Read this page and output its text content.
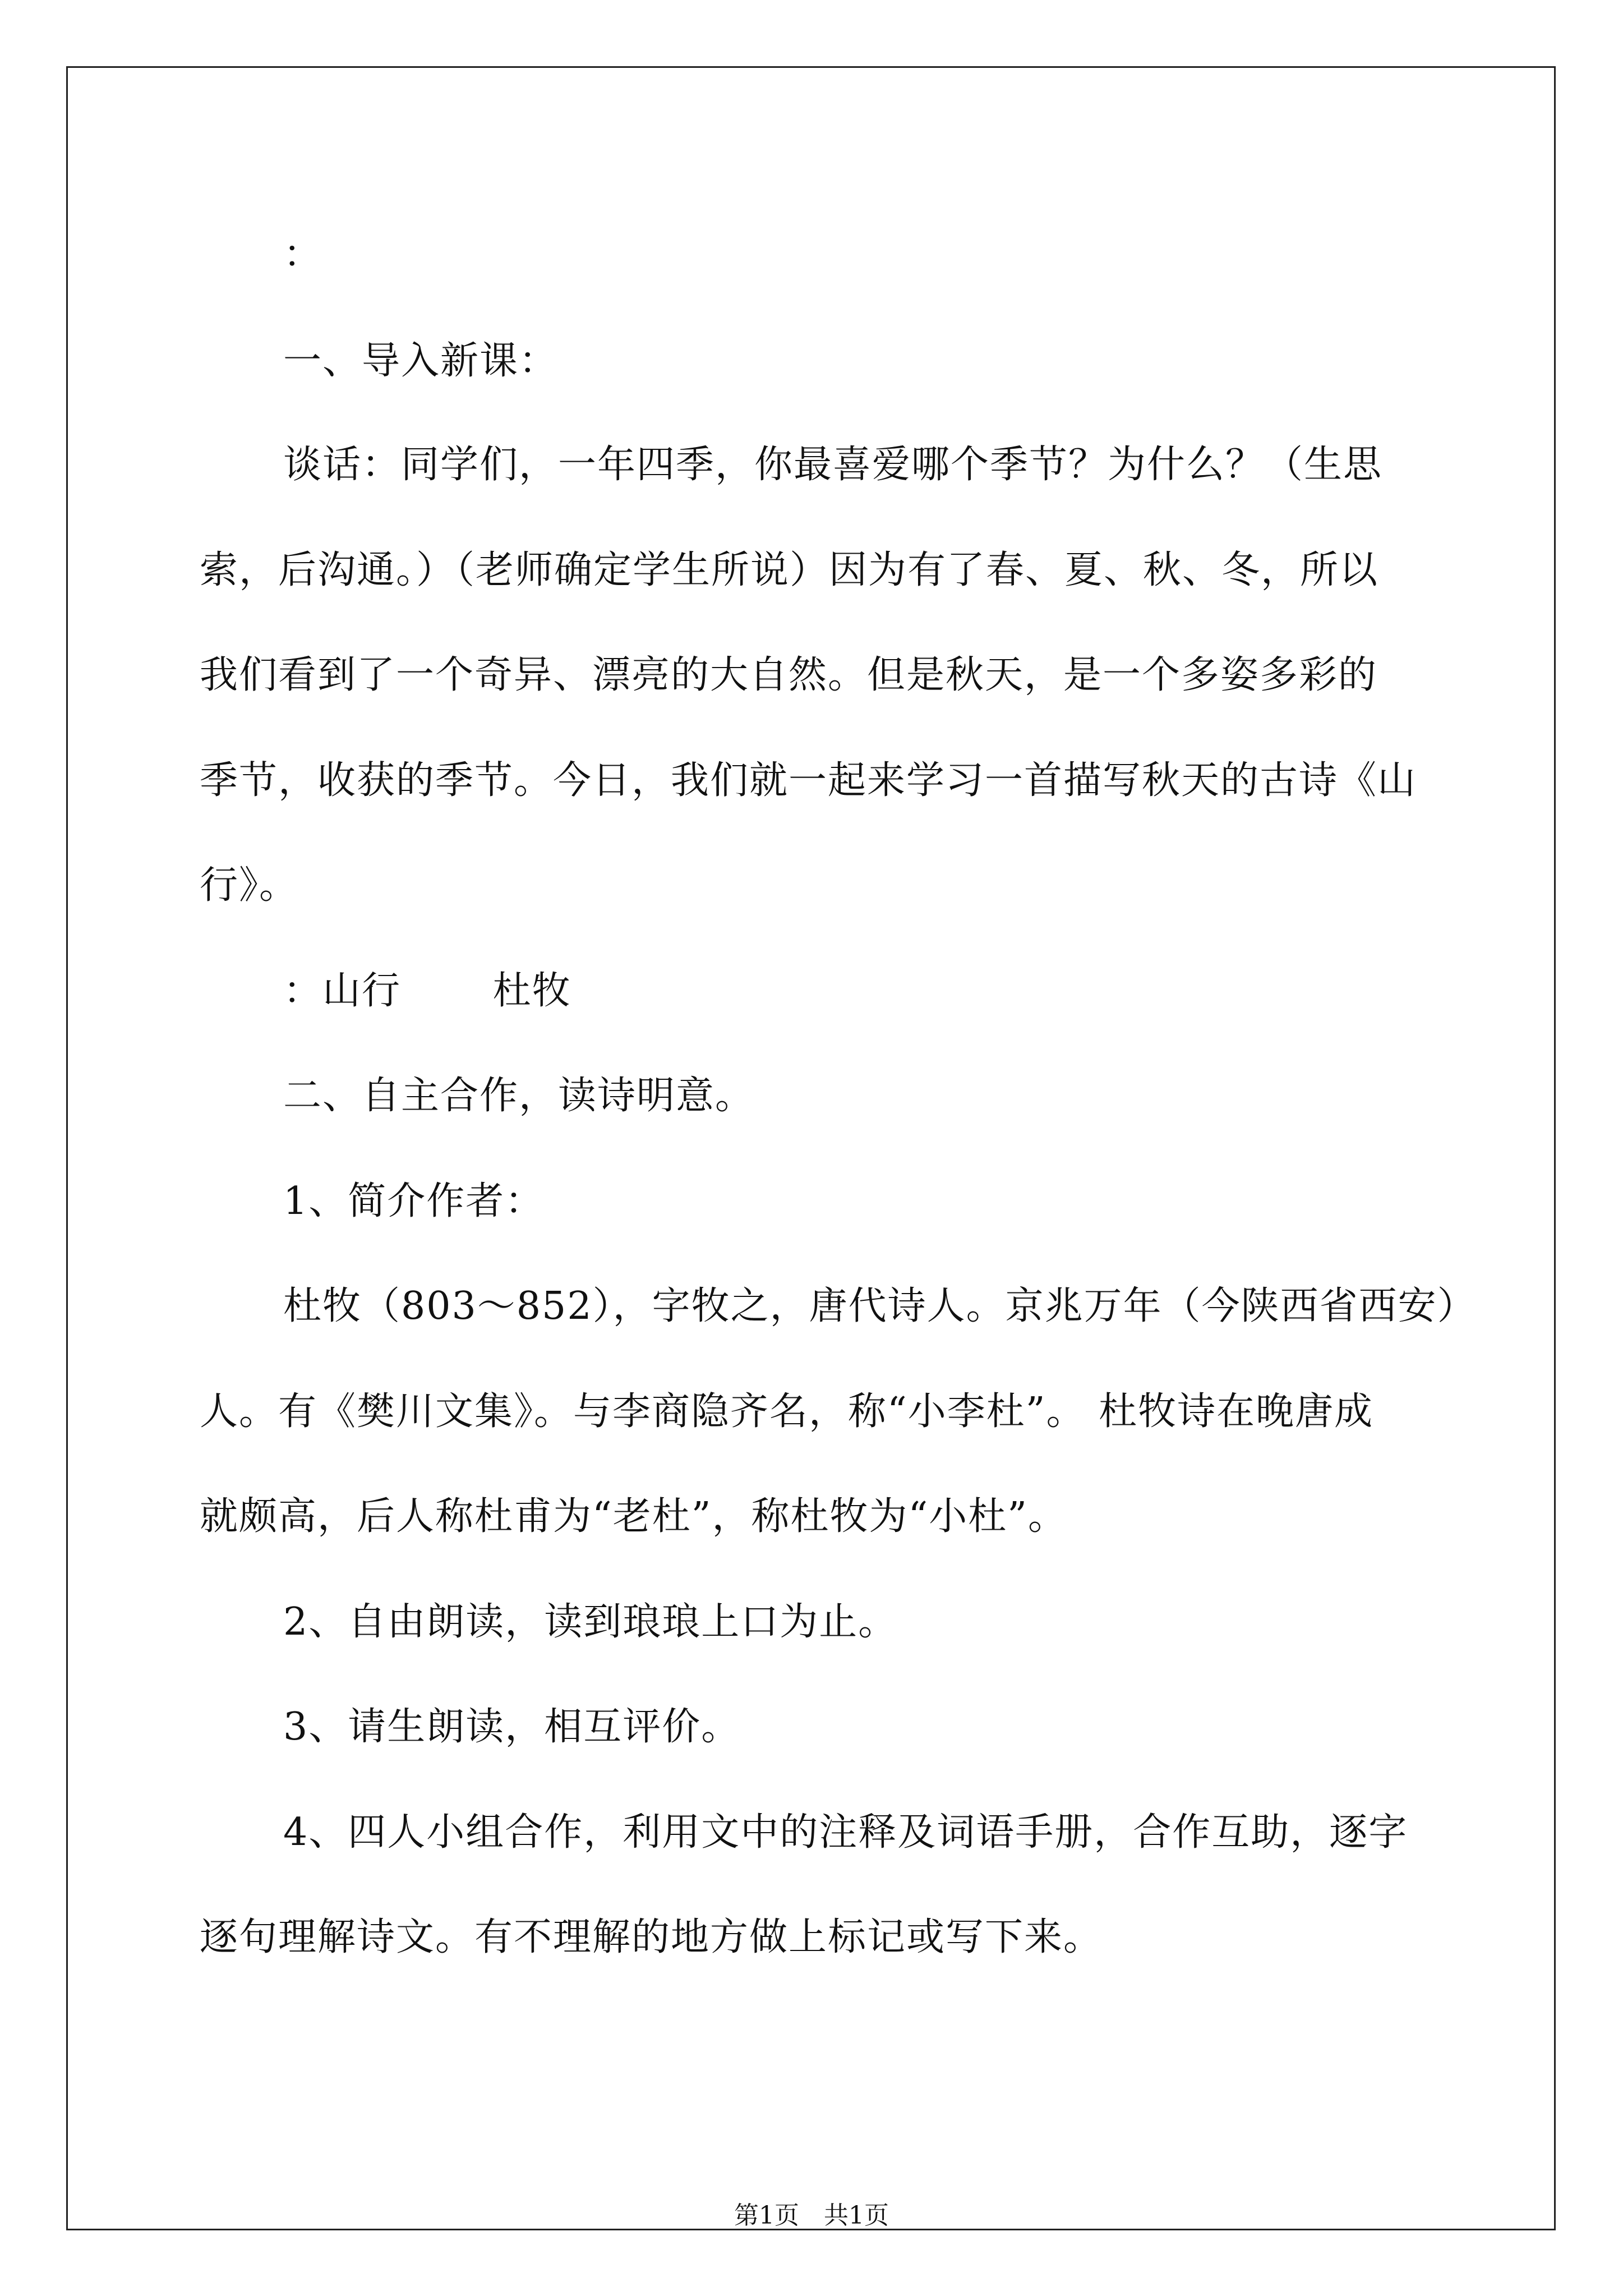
：
一、导入新课：
谈话：同学们，一年四季，你最喜爱哪个季节？为什么？（生思
索，后沟通。）（老师确定学生所说）因为有了春、夏、秋、冬，所以
我们看到了一个奇异、漂亮的大自然。但是秋天，是一个多姿多彩的
季节，收获的季节。今日，我们就一起来学习一首描写秋天的古诗《山
行》。
：山行　　 杜牧
二、自主合作，读诗明意。
1、简介作者：
杜牧（803～852），字牧之，唐代诗人。京兆万年（今陕西省西安）
人。有《樊川文集》。与李商隐齐名，称“小李杜”。 杜牧诗在晚唐成
就颇高，后人称杜甫为“老杜”，称杜牧为“小杜”。
2、自由朗读，读到琅琅上口为止。
3、请生朗读，相互评价。
4、四人小组合作，利用文中的注释及词语手册，合作互助，逐字
逐句理解诗文。有不理解的地方做上标记或写下来。
第1页　共1页
